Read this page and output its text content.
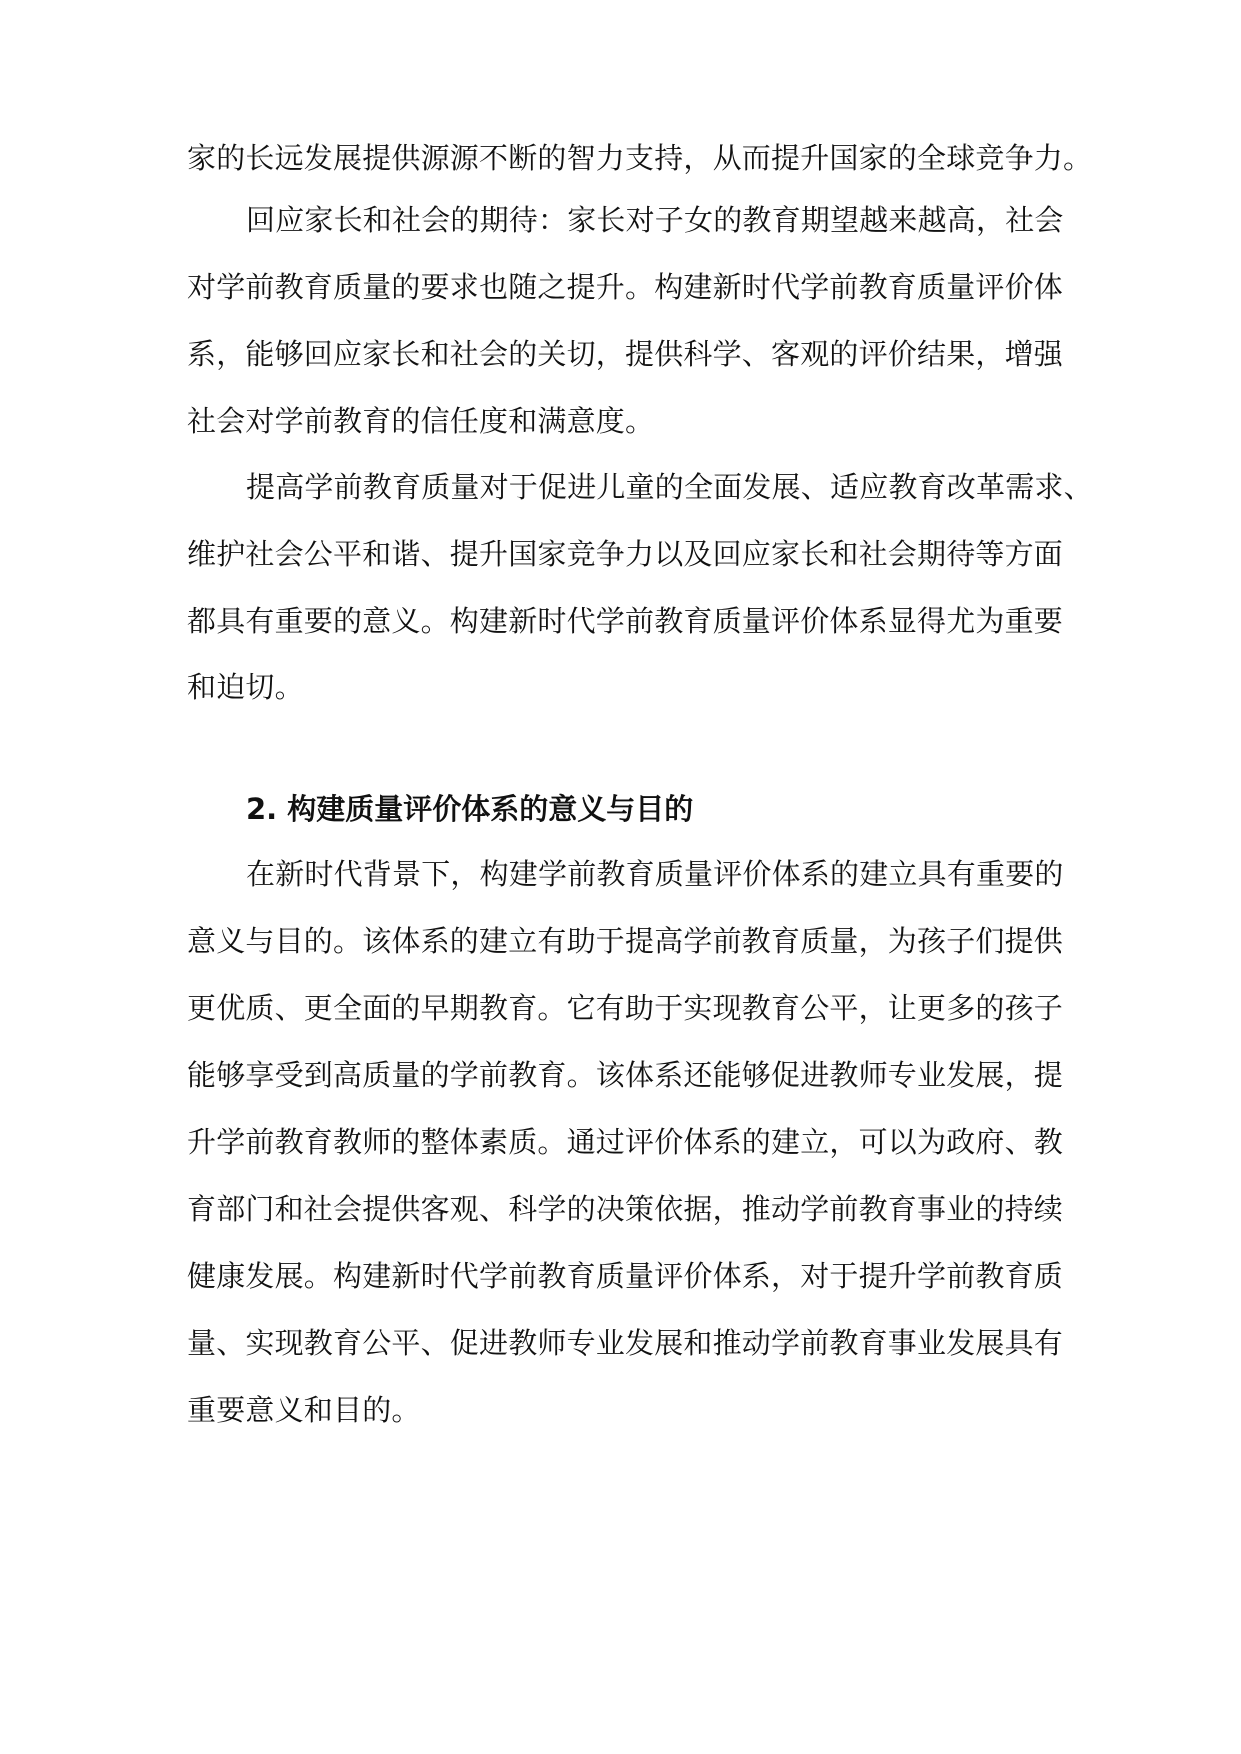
家的长远发展提供源源不断的智力支持，从而提升国家的全球竞争力。
回应家长和社会的期待：家长对子女的教育期望越来越高，社会
对学前教育质量的要求也随之提升。构建新时代学前教育质量评价体
系，能够回应家长和社会的关切，提供科学、客观的评价结果，增强
社会对学前教育的信任度和满意度。
提高学前教育质量对于促进儿童的全面发展、适应教育改革需求、
维护社会公平和谐、提升国家竞争力以及回应家长和社会期待等方面
都具有重要的意义。构建新时代学前教育质量评价体系显得尤为重要
和迫切。
2. 构建质量评价体系的意义与目的
在新时代背景下，构建学前教育质量评价体系的建立具有重要的
意义与目的。该体系的建立有助于提高学前教育质量，为孩子们提供
更优质、更全面的早期教育。它有助于实现教育公平，让更多的孩子
能够享受到高质量的学前教育。该体系还能够促进教师专业发展，提
升学前教育教师的整体素质。通过评价体系的建立，可以为政府、教
育部门和社会提供客观、科学的决策依据，推动学前教育事业的持续
健康发展。构建新时代学前教育质量评价体系，对于提升学前教育质
量、实现教育公平、促进教师专业发展和推动学前教育事业发展具有
重要意义和目的。
